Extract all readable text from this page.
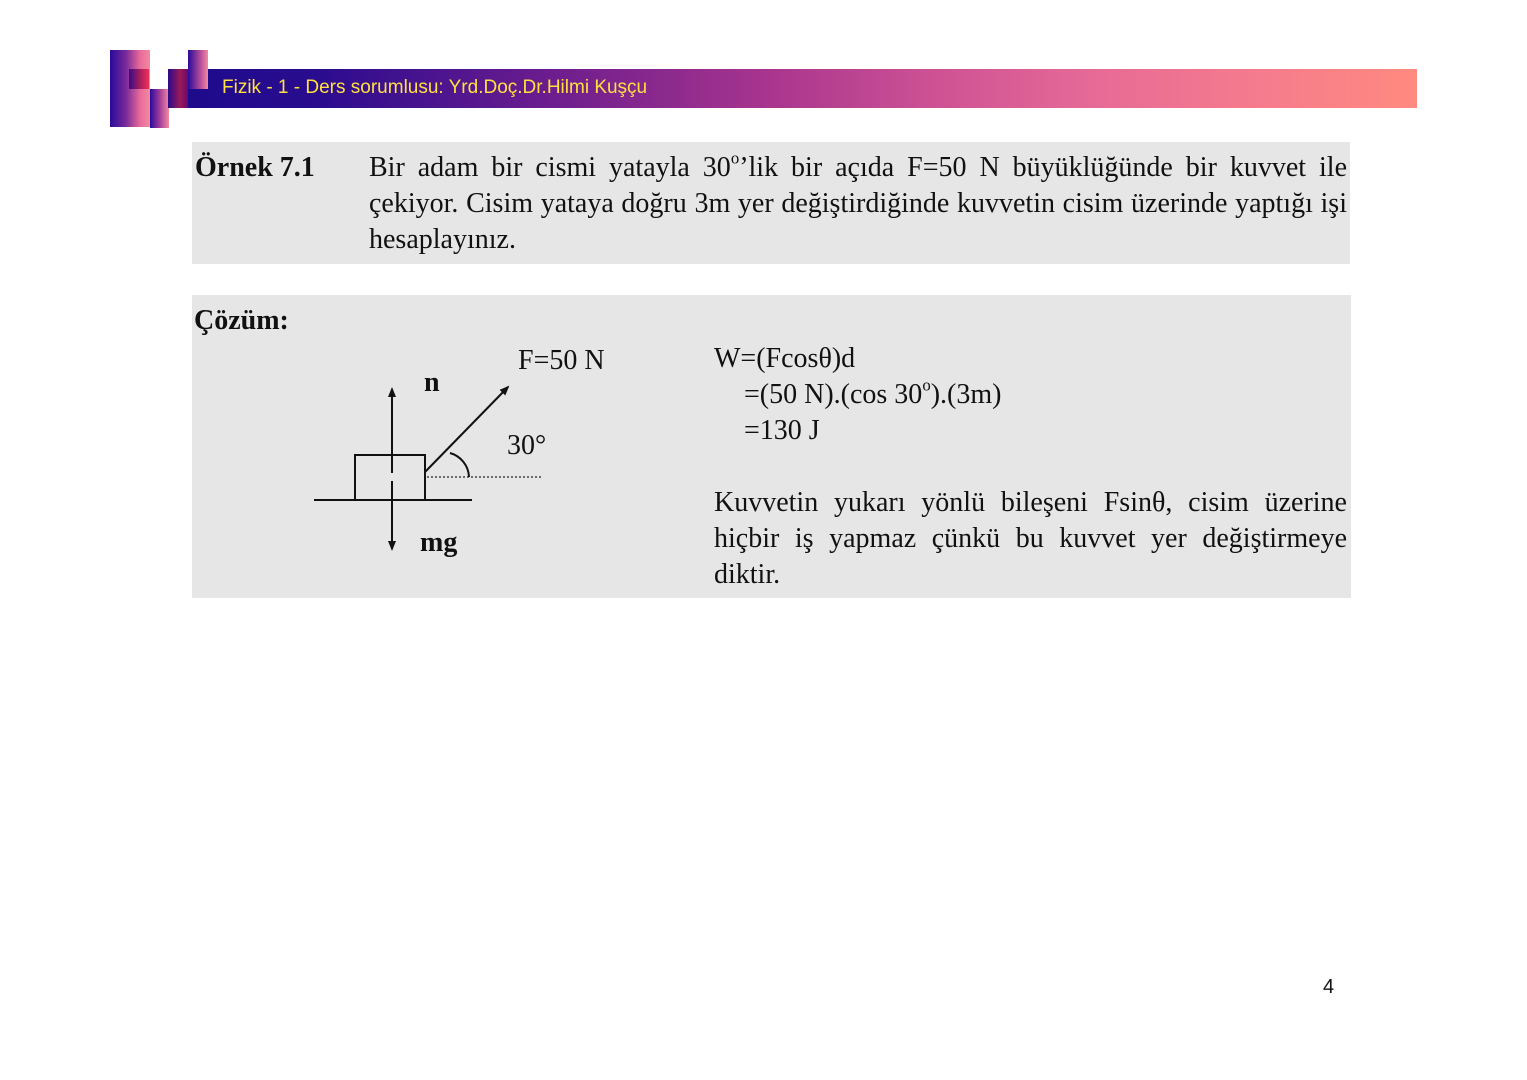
Fizik - 1 - Ders sorumlusu: Yrd.Doç.Dr.Hilmi Kuşçu
Örnek 7.1 Bir adam bir cismi yatayla 30$^o$’lik bir açıda F=50 N büyüklüğünde bir kuvvet ile çekiyor. Cisim yataya doğru 3m yer değiştirdiğinde kuvvetin cisim üzerinde yaptığı işi hesaplayınız.
Çözüm:
F=50 N
n
30°
mg
W=(Fcosθ)d
=(50 N).(cos $30^o).(3m)$
=130 J
Kuvvetin yukarı yönlü bileşeni Fsinθ, cisim üzerine hiçbir iş yapmaz çünkü bu kuvvet yer değiştirmeye diktir.
4
